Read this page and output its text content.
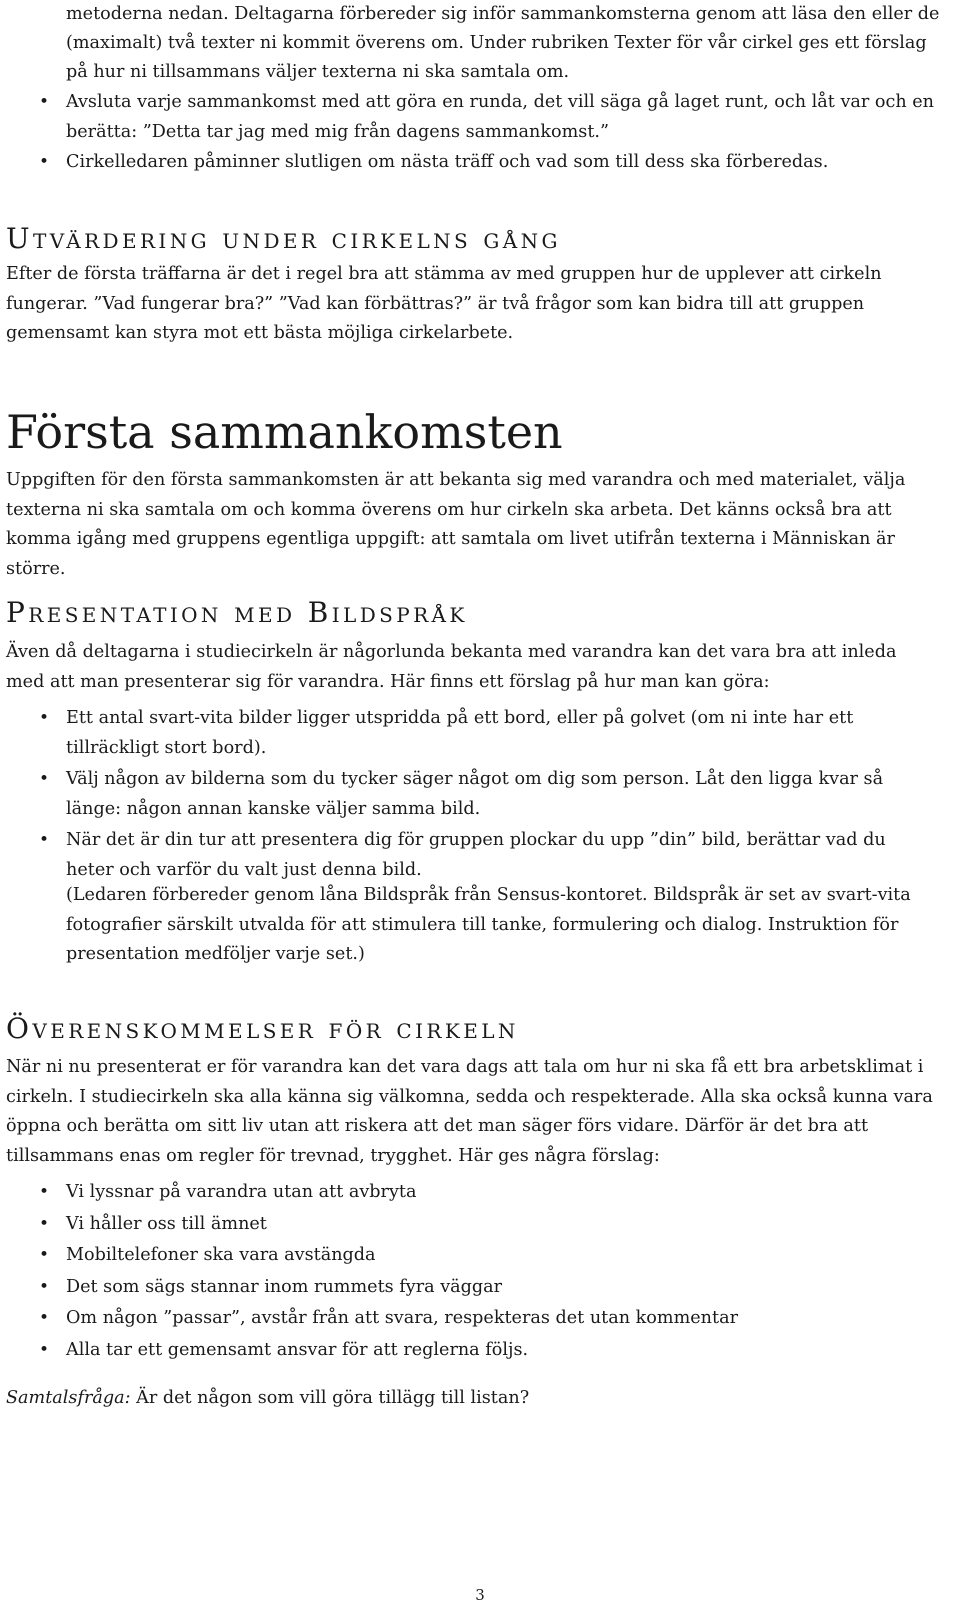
metoderna nedan. Deltagarna förbereder sig inför sammankomsterna genom att läsa den eller de

(maximalt) två texter ni kommit överens om. Under rubriken Texter för vår cirkel ges ett förslag

på hur ni tillsammans väljer texterna ni ska samtala om.

• Avsluta varje sammankomst med att göra en runda, det vill säga gå laget runt, och låt var och en berätta: ”Detta tar jag med mig från dagens sammankomst.”
• Cirkelledaren påminner slutligen om nästa träff och vad som till dess ska förberedas.
Utvärdering under cirkelns gång

Efter de första träffarna är det i regel bra att stämma av med gruppen hur de upplever att cirkeln fungerar. ”Vad fungerar bra?” ”Vad kan förbättras?” är två frågor som kan bidra till att gruppen gemensamt kan styra mot ett bästa möjliga cirkelarbete.

Första sammankomsten

Uppgiften för den första sammankomsten är att bekanta sig med varandra och med materialet, välja texterna ni ska samtala om och komma överens om hur cirkeln ska arbeta. Det känns också bra att komma igång med gruppens egentliga uppgift: att samtala om livet utifrån texterna i Människan är större.

Presentation med Bildspråk

Även då deltagarna i studiecirkeln är någorlunda bekanta med varandra kan det vara bra att inleda med att man presenterar sig för varandra. Här finns ett förslag på hur man kan göra:

• Ett antal svart-vita bilder ligger utspridda på ett bord, eller på golvet (om ni inte har ett tillräckligt stort bord).
• Välj någon av bilderna som du tycker säger något om dig som person. Låt den ligga kvar så länge: någon annan kanske väljer samma bild.
• När det är din tur att presentera dig för gruppen plockar du upp ”din” bild, berättar vad du heter och varför du valt just denna bild.

(Ledaren förbereder genom låna Bildspråk från Sensus-kontoret. Bildspråk är set av svart-vita fotografier särskilt utvalda för att stimulera till tanke, formulering och dialog. Instruktion för presentation medföljer varje set.)

Överenskommelser för cirkeln

När ni nu presenterat er för varandra kan det vara dags att tala om hur ni ska få ett bra arbetsklimat i cirkeln. I studiecirkeln ska alla känna sig välkomna, sedda och respekterade. Alla ska också kunna vara öppna och berätta om sitt liv utan att riskera att det man säger förs vidare. Därför är det bra att tillsammans enas om regler för trevnad, trygghet. Här ges några förslag:

• Vi lyssnar på varandra utan att avbryta
• Vi håller oss till ämnet
• Mobiltelefoner ska vara avstängda
• Det som sägs stannar inom rummets fyra väggar
• Om någon ”passar”, avstår från att svara, respekteras det utan kommentar
• Alla tar ett gemensamt ansvar för att reglerna följs.

Samtalsfråga: Är det någon som vill göra tillägg till listan?

3
